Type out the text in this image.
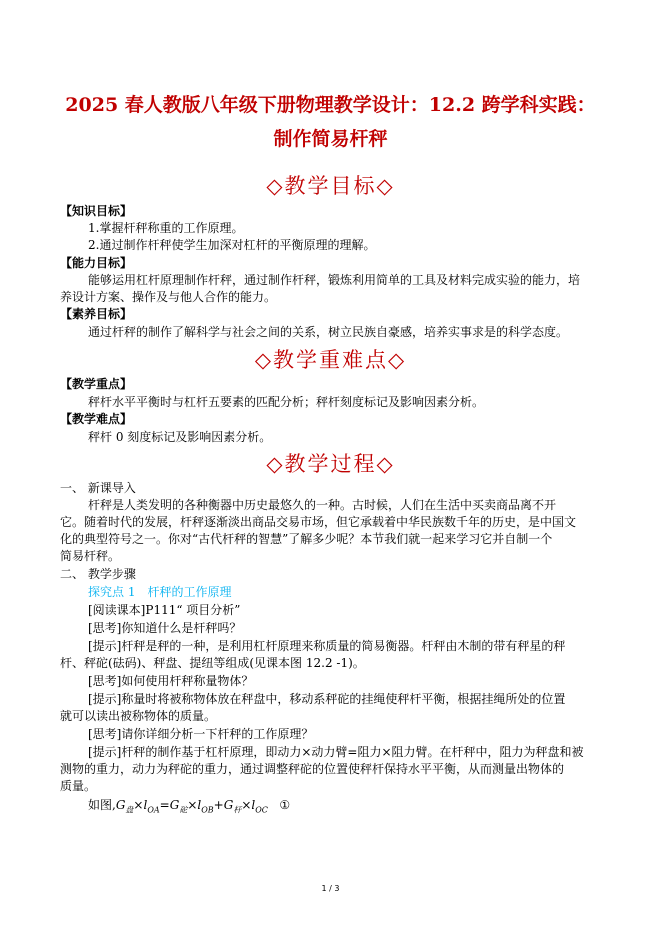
2025 春人教版八年级下册物理教学设计：12.2 跨学科实践：
制作简易杆秤
◇教学目标◇
【知识目标】
1.掌握杆秤称重的工作原理。
2.通过制作杆秤使学生加深对杠杆的平衡原理的理解。
【能力目标】
能够运用杠杆原理制作杆秤，通过制作杆秤，锻炼利用简单的工具及材料完成实验的能力，培
养设计方案、操作及与他人合作的能力。
【素养目标】
通过杆秤的制作了解科学与社会之间的关系，树立民族自豪感，培养实事求是的科学态度。
◇教学重难点◇
【教学重点】
秤杆水平平衡时与杠杆五要素的匹配分析；秤杆刻度标记及影响因素分析。
【教学难点】
秤杆 0 刻度标记及影响因素分析。
◇教学过程◇
一、 新课导入
杆秤是人类发明的各种衡器中历史最悠久的一种。古时候，人们在生活中买卖商品离不开
它。随着时代的发展，杆秤逐渐淡出商品交易市场，但它承载着中华民族数千年的历史，是中国文
化的典型符号之一。你对“古代杆秤的智慧”了解多少呢？本节我们就一起来学习它并自制一个
简易杆秤。
二、 教学步骤
探究点 1　杆秤的工作原理
[阅读课本]P111“ 项目分析”
[思考]你知道什么是杆秤吗？
[提示]杆秤是秤的一种，是利用杠杆原理来称质量的简易衡器。杆秤由木制的带有秤星的秤
杆、秤砣(砝码)、秤盘、提纽等组成(见课本图 12.2 -1)。
[思考]如何使用杆秤称量物体？
[提示]称量时将被称物体放在秤盘中，移动系秤砣的挂绳使秤杆平衡，根据挂绳所处的位置
就可以读出被称物体的质量。
[思考]请你详细分析一下杆秤的工作原理？
[提示]杆秤的制作基于杠杆原理，即动力×动力臂=阻力×阻力臂。在杆秤中，阻力为秤盘和被
测物的重力，动力为秤砣的重力，通过调整秤砣的位置使秤杆保持水平平衡，从而测量出物体的
质量。
如图$,G_盘\times l_{OA}=G_砣\times l_{OB}+G_杆\times l_{OC}$ ①
1 / 3
